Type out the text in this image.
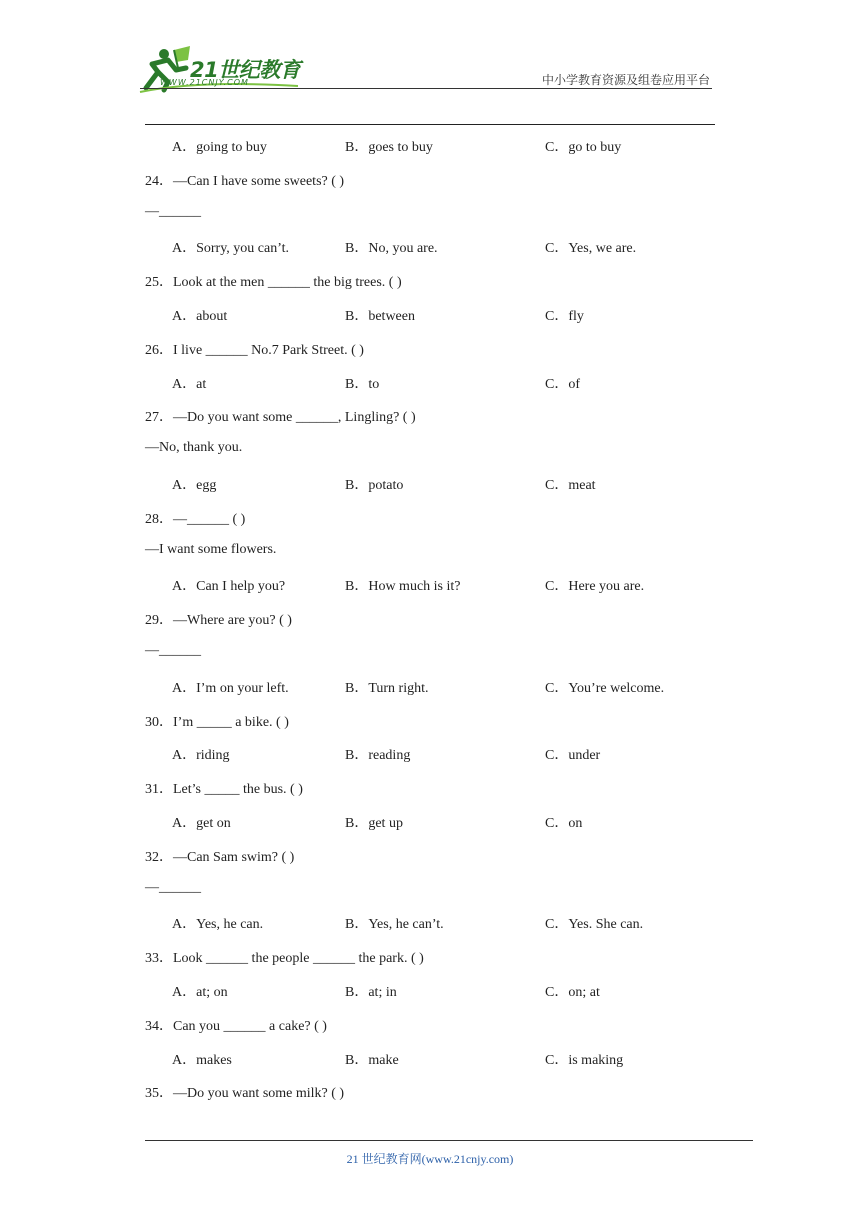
21世纪教育
WWW.21CNJY.COM	中小学教育资源及组卷应用平台
A．going to buy	B．goes to buy	C．go to buy
24．—Can I have some sweets? ( )
—______
A．Sorry, you can’t.	B．No, you are.	C．Yes, we are.
25．Look at the men ______ the big trees. ( )
A．about	B．between	C．fly
26．I live ______ No.7 Park Street. ( )
A．at	B．to	C．of
27．—Do you want some ______, Lingling? ( )
—No, thank you.
A．egg	B．potato	C．meat
28．—______ ( )
—I want some flowers.
A．Can I help you?	B．How much is it?	C．Here you are.
29．—Where are you? ( )
—______
A．I’m on your left.	B．Turn right.	C．You’re welcome.
30．I’m _____ a bike. ( )
A．riding	B．reading	C．under
31．Let’s _____ the bus. ( )
A．get on	B．get up	C．on
32．—Can Sam swim? ( )
—______
A．Yes, he can.	B．Yes, he can’t.	C．Yes. She can.
33．Look ______ the people ______ the park. ( )
A．at; on	B．at; in	C．on; at
34．Can you ______ a cake? ( )
A．makes	B．make	C．is making
35．—Do you want some milk? ( )
21 世纪教育网(www.21cnjy.com)
